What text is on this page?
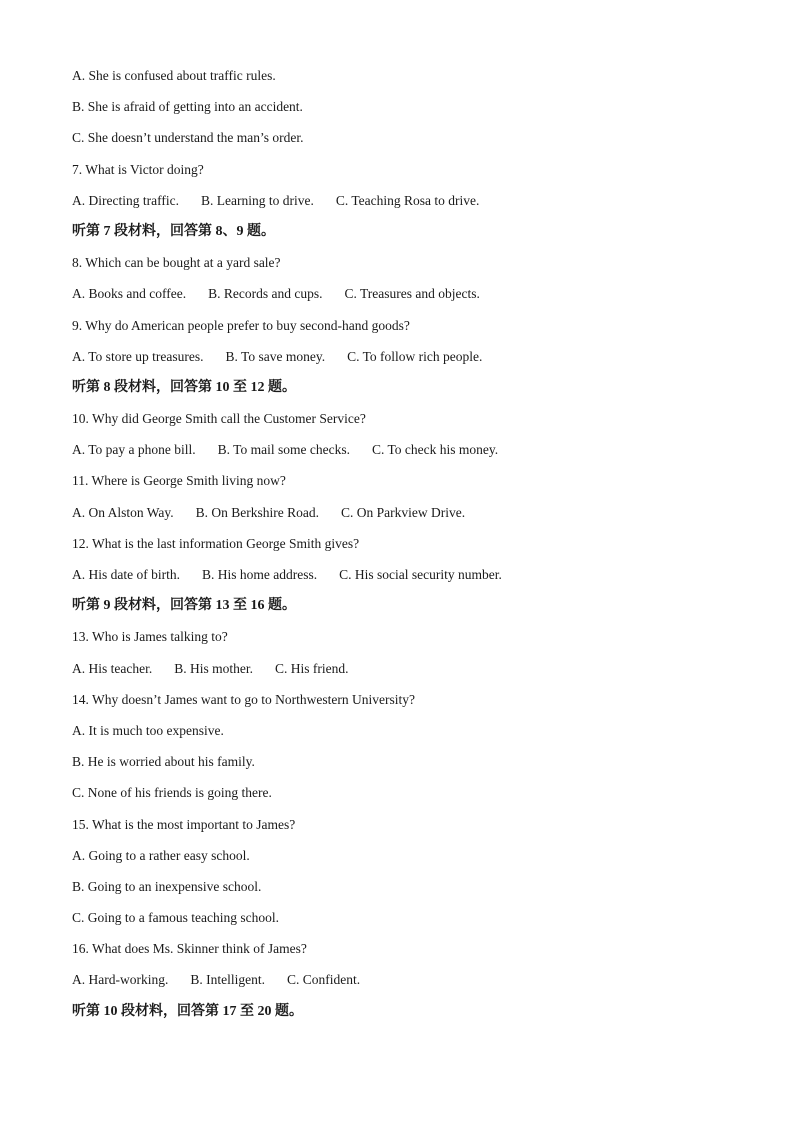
A. She is confused about traffic rules.
B. She is afraid of getting into an accident.
C. She doesn’t understand the man’s order.
7. What is Victor doing?
A. Directing traffic. B. Learning to drive. C. Teaching Rosa to drive.
听第 7 段材料，回答第 8、9 题。
8. Which can be bought at a yard sale?
A. Books and coffee. B. Records and cups. C. Treasures and objects.
9. Why do American people prefer to buy second-hand goods?
A. To store up treasures. B. To save money. C. To follow rich people.
听第 8 段材料，回答第 10 至 12 题。
10. Why did George Smith call the Customer Service?
A. To pay a phone bill. B. To mail some checks. C. To check his money.
11. Where is George Smith living now?
A. On Alston Way. B. On Berkshire Road. C. On Parkview Drive.
12. What is the last information George Smith gives?
A. His date of birth. B. His home address. C. His social security number.
听第 9 段材料，回答第 13 至 16 题。
13. Who is James talking to?
A. His teacher. B. His mother. C. His friend.
14. Why doesn’t James want to go to Northwestern University?
A. It is much too expensive.
B. He is worried about his family.
C. None of his friends is going there.
15. What is the most important to James?
A. Going to a rather easy school.
B. Going to an inexpensive school.
C. Going to a famous teaching school.
16. What does Ms. Skinner think of James?
A. Hard-working. B. Intelligent. C. Confident.
听第 10 段材料，回答第 17 至 20 题。
